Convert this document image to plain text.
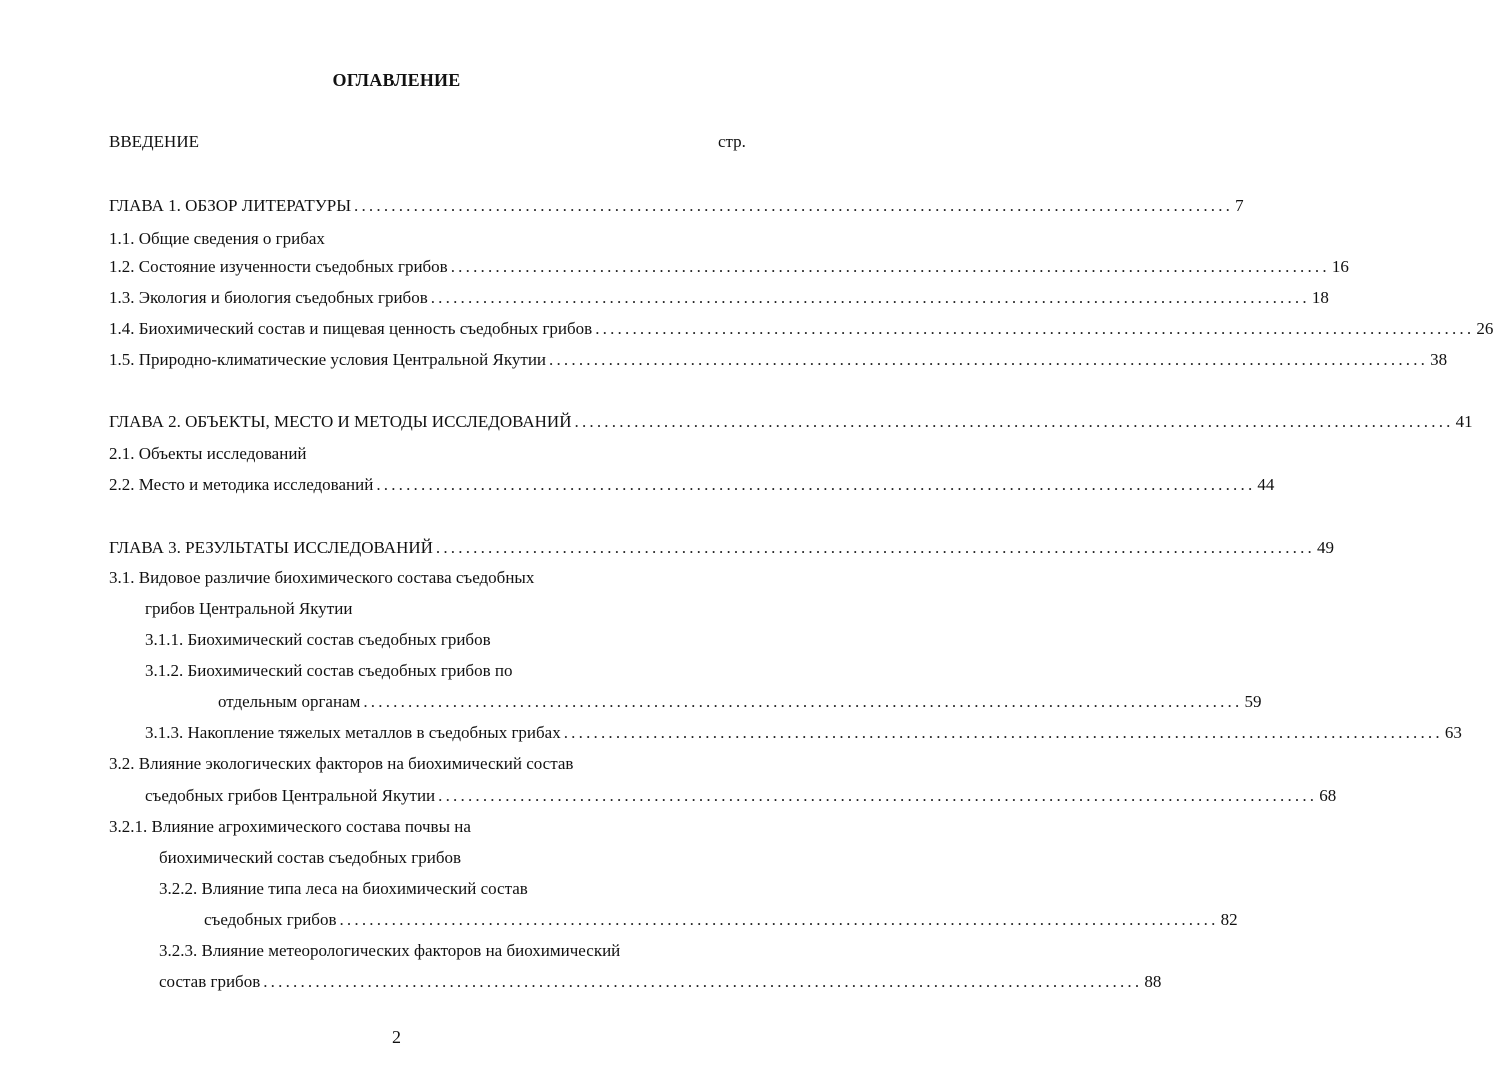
ОГЛАВЛЕНИЕ
ВВЕДЕНИЕ	стр.
ГЛАВА 1. ОБЗОР ЛИТЕРАТУРЫ ...................................................................................................................... 7
1.1. Общие сведения о грибах
1.2. Состояние изученности съедобных грибов ...................................................................................................................... 16
1.3. Экология и биология съедобных грибов ...................................................................................................................... 18
1.4. Биохимический состав и пищевая ценность съедобных грибов ...................................................................................................................... 26
1.5. Природно-климатические условия Центральной Якутии ...................................................................................................................... 38
ГЛАВА 2. ОБЪЕКТЫ, МЕСТО И МЕТОДЫ ИССЛЕДОВАНИЙ ...................................................................................................................... 41
2.1. Объекты исследований
2.2. Место и методика исследований ...................................................................................................................... 44
ГЛАВА 3. РЕЗУЛЬТАТЫ ИССЛЕДОВАНИЙ ...................................................................................................................... 49
3.1. Видовое различие биохимического состава съедобных
грибов Центральной Якутии
3.1.1. Биохимический состав съедобных грибов
3.1.2. Биохимический состав съедобных грибов по
отдельным органам ...................................................................................................................... 59
3.1.3. Накопление тяжелых металлов в съедобных грибах ...................................................................................................................... 63
3.2. Влияние экологических факторов на биохимический состав
съедобных грибов Центральной Якутии ...................................................................................................................... 68
3.2.1. Влияние агрохимического состава почвы на
биохимический состав съедобных грибов
3.2.2. Влияние типа леса на биохимический состав
съедобных грибов ...................................................................................................................... 82
3.2.3. Влияние метеорологических факторов на биохимический
состав грибов ...................................................................................................................... 88
2
